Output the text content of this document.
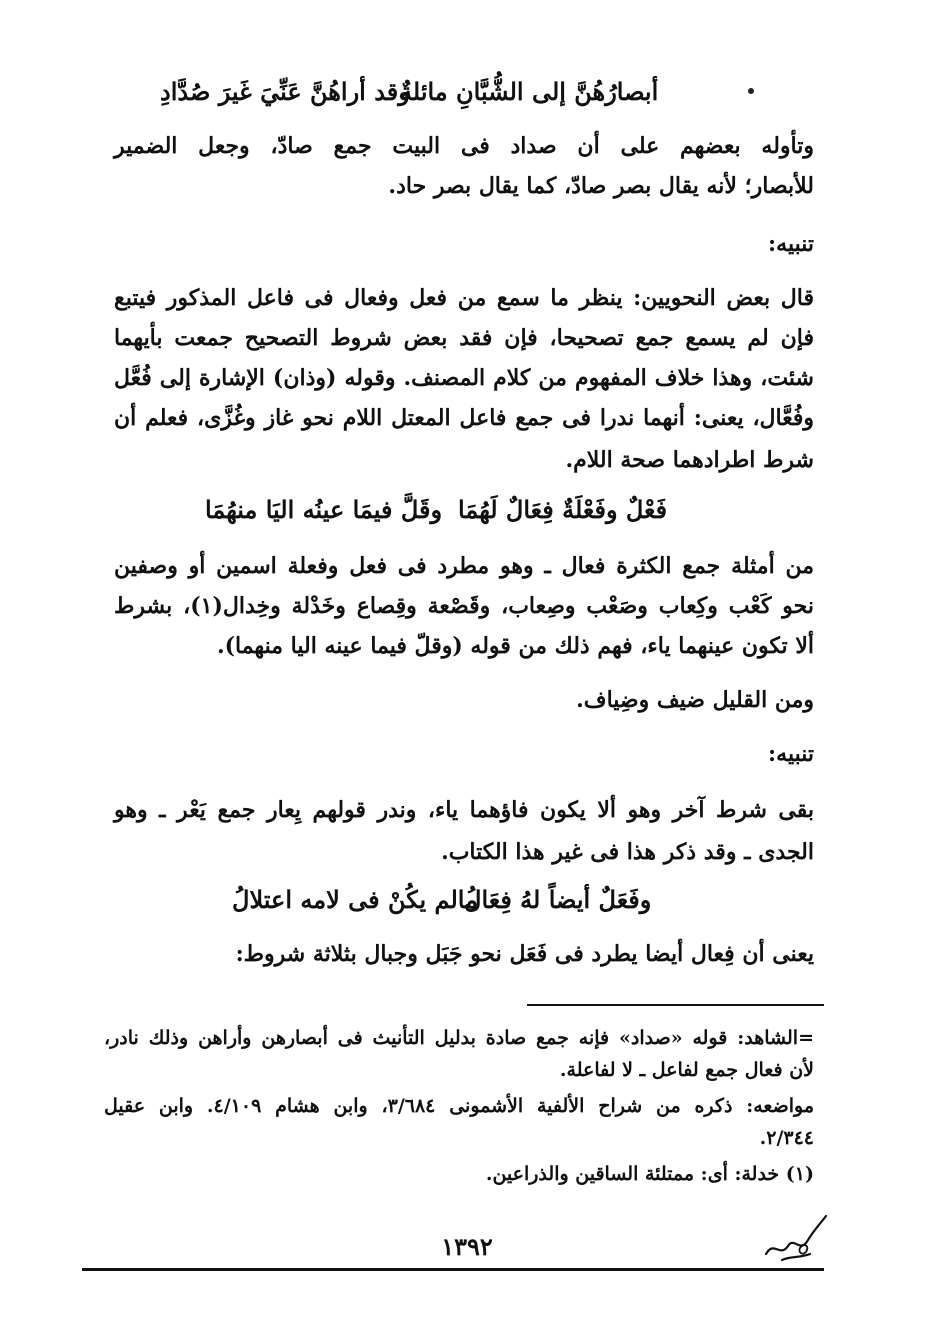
أبصارُهُنَّ إلى الشُّبَّانِ مائلةٌ
وقد أراهُنَّ عَنِّيَ غَيرَ صُدَّادِ
وتأوله بعضهم على أن صداد فى البيت جمع صادّ، وجعل الضمير
للأبصار؛ لأنه يقال بصر صادّ، كما يقال بصر حاد.
تنبيه:
قال بعض النحويين: ينظر ما سمع من فعل وفعال فى فاعل المذكور فيتبع
فإن لم يسمع جمع تصحيحا، فإن فقد بعض شروط التصحيح جمعت بأيهما
شئت، وهذا خلاف المفهوم من كلام المصنف. وقوله (وذان) الإشارة إلى فُعَّل
وفُعَّال، يعنى: أنهما ندرا فى جمع فاعل المعتل اللام نحو غاز وغُزَّى، فعلم أن
شرط اطرادهما صحة اللام.
فَعْلٌ وفَعْلَةٌ فِعَالٌ لَهُمَا
وقَلَّ فيمَا عينُه اليَا منهُمَا
من أمثلة جمع الكثرة فعال ـ وهو مطرد فى فعل وفعلة اسمين أو وصفين
نحو كَعْب وكِعاب وصَعْب وصِعاب، وقَصْعة وقِصاع وخَدْلة وخِدال(١)، بشرط
ألا تكون عينهما ياء، فهم ذلك من قوله (وقلّ فيما عينه اليا منهما).
ومن القليل ضيف وضِياف.
تنبيه:
بقى شرط آخر وهو ألا يكون فاؤهما ياء، وندر قولهم يِعار جمع يَعْر ـ وهو
الجدى ـ وقد ذكر هذا فى غير هذا الكتاب.
وفَعَلٌ أيضاً لهُ فِعَالُ
مالم يكُنْ فى لامه اعتلالُ
يعنى أن فِعال أيضا يطرد فى فَعَل نحو جَبَل وجبال بثلاثة شروط:
=الشاهد: قوله «صداد» فإنه جمع صادة بدليل التأنيث فى أبصارهن وأراهن وذلك نادر،
لأن فعال جمع لفاعل ـ لا لفاعلة.
مواضعه: ذكره من شراح الألفية الأشمونى ٣/٦٨٤، وابن هشام ٤/١٠٩. وابن عقيل
٢/٣٤٤.
(١) خدلة: أى: ممتلئة الساقين والذراعين.
١٣٩٢
